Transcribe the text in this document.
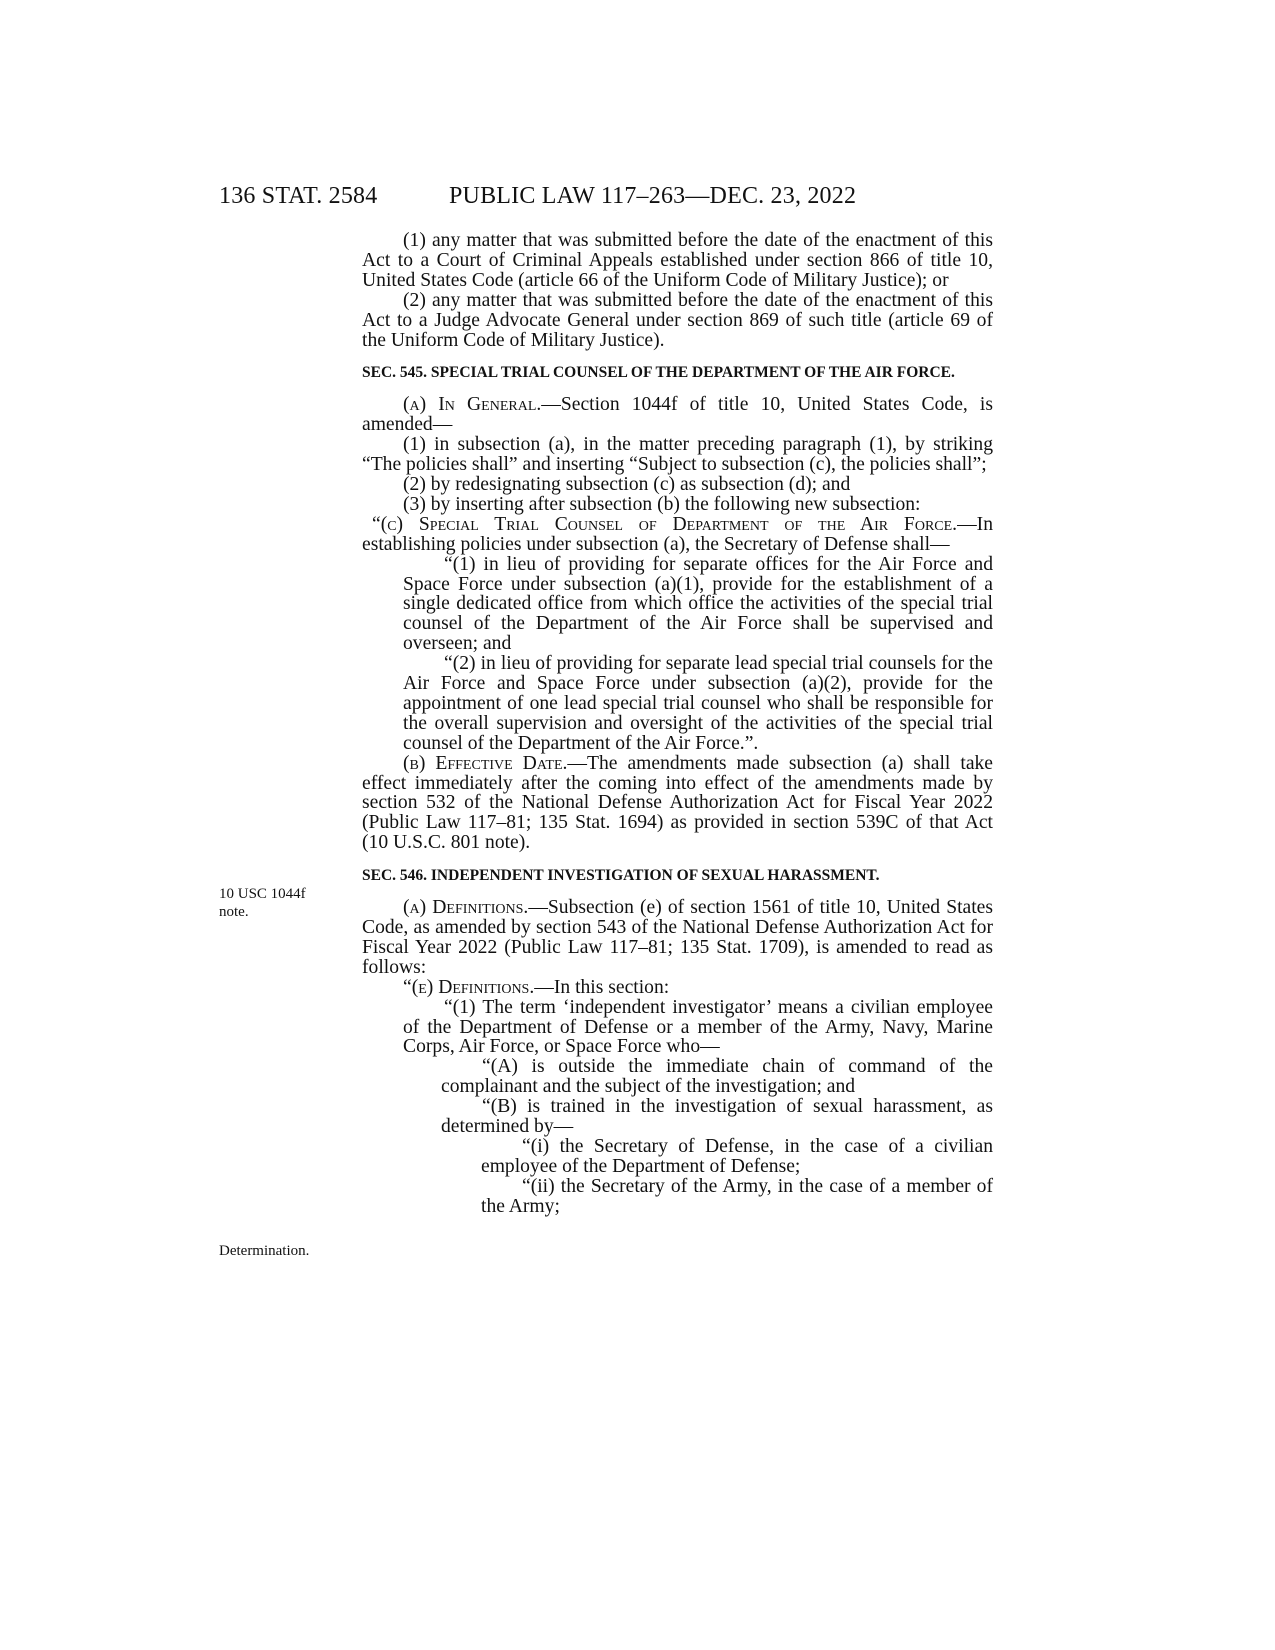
136 STAT. 2584	PUBLIC LAW 117–263—DEC. 23, 2022
10 USC 1044f
note.
Determination.
(1) any matter that was submitted before the date of the enactment of this Act to a Court of Criminal Appeals established under section 866 of title 10, United States Code (article 66 of the Uniform Code of Military Justice); or
(2) any matter that was submitted before the date of the enactment of this Act to a Judge Advocate General under section 869 of such title (article 69 of the Uniform Code of Military Justice).
SEC. 545. SPECIAL TRIAL COUNSEL OF THE DEPARTMENT OF THE AIR FORCE.
(a) In General.—Section 1044f of title 10, United States Code, is amended—
(1) in subsection (a), in the matter preceding paragraph (1), by striking “The policies shall” and inserting “Subject to subsection (c), the policies shall”;
(2) by redesignating subsection (c) as subsection (d); and
(3) by inserting after subsection (b) the following new subsection:
“(c) Special Trial Counsel of Department of the Air Force.—In establishing policies under subsection (a), the Secretary of Defense shall—
“(1) in lieu of providing for separate offices for the Air Force and Space Force under subsection (a)(1), provide for the establishment of a single dedicated office from which office the activities of the special trial counsel of the Department of the Air Force shall be supervised and overseen; and
“(2) in lieu of providing for separate lead special trial counsels for the Air Force and Space Force under subsection (a)(2), provide for the appointment of one lead special trial counsel who shall be responsible for the overall supervision and oversight of the activities of the special trial counsel of the Department of the Air Force.”.
(b) Effective Date.—The amendments made subsection (a) shall take effect immediately after the coming into effect of the amendments made by section 532 of the National Defense Authorization Act for Fiscal Year 2022 (Public Law 117–81; 135 Stat. 1694) as provided in section 539C of that Act (10 U.S.C. 801 note).
SEC. 546. INDEPENDENT INVESTIGATION OF SEXUAL HARASSMENT.
(a) Definitions.—Subsection (e) of section 1561 of title 10, United States Code, as amended by section 543 of the National Defense Authorization Act for Fiscal Year 2022 (Public Law 117–81; 135 Stat. 1709), is amended to read as follows:
“(e) Definitions.—In this section:
“(1) The term ‘independent investigator’ means a civilian employee of the Department of Defense or a member of the Army, Navy, Marine Corps, Air Force, or Space Force who—
“(A) is outside the immediate chain of command of the complainant and the subject of the investigation; and
“(B) is trained in the investigation of sexual harassment, as determined by—
“(i) the Secretary of Defense, in the case of a civilian employee of the Department of Defense;
“(ii) the Secretary of the Army, in the case of a member of the Army;
